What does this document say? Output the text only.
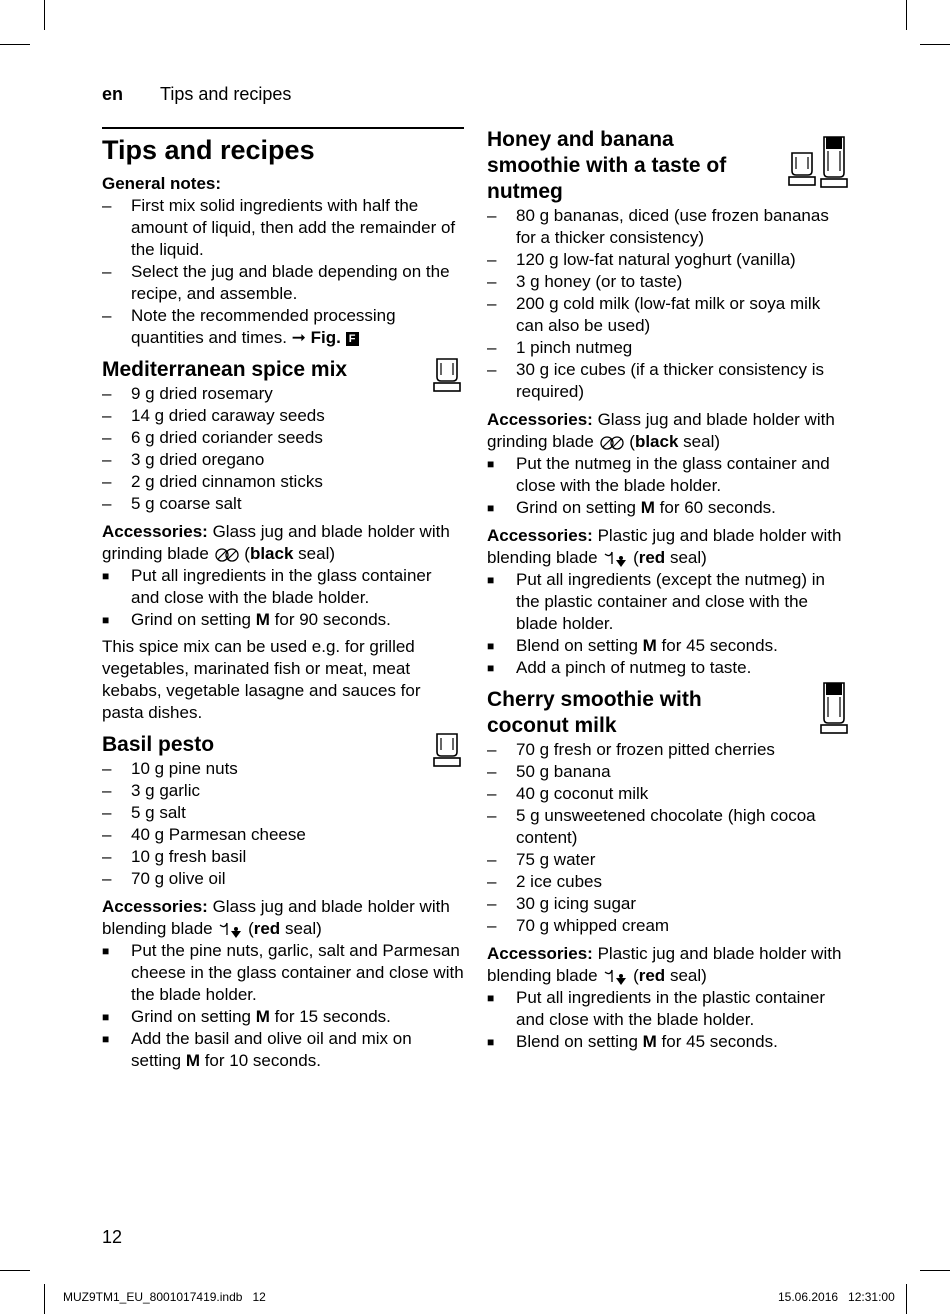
en Tips and recipes
Tips and recipes

General notes:

– First mix solid ingredients with half the amount of liquid, then add the remainder of the liquid.
– Select the jug and blade depending on the recipe, and assemble.
– Note the recommended processing quantities and times. ➞ Fig. F
Mediterranean spice mix
– 9 g dried rosemary
– 14 g dried caraway seeds
– 6 g dried coriander seeds
– 3 g dried oregano
– 2 g dried cinnamon sticks
– 5 g coarse salt
Accessories: Glass jug and blade holder with grinding blade  (black seal)
■ Put all ingredients in the glass container and close with the blade holder.
■ Grind on setting M for 90 seconds.
This spice mix can be used e.g. for grilled vegetables, marinated fish or meat, meat kebabs, vegetable lasagne and sauces for pasta dishes.
Basil pesto
– 10 g pine nuts
– 3 g garlic
– 5 g salt
– 40 g Parmesan cheese
– 10 g fresh basil
– 70 g olive oil
Accessories: Glass jug and blade holder with blending blade  (red seal)
■ Put the pine nuts, garlic, salt and Parmesan cheese in the glass container and close with the blade holder.
■ Grind on setting M for 15 seconds.
■ Add the basil and olive oil and mix on setting M for 10 seconds.
Honey and banana smoothie with a taste of nutmeg
– 80 g bananas, diced (use frozen bananas for a thicker consistency)
– 120 g low-fat natural yoghurt (vanilla)
– 3 g honey (or to taste)
– 200 g cold milk (low-fat milk or soya milk can also be used)
– 1 pinch nutmeg
– 30 g ice cubes (if a thicker consistency is required)
Accessories: Glass jug and blade holder with grinding blade  (black seal)
■ Put the nutmeg in the glass container and close with the blade holder.
■ Grind on setting M for 60 seconds.
Accessories: Plastic jug and blade holder with blending blade  (red seal)
■ Put all ingredients (except the nutmeg) in the plastic container and close with the blade holder.
■ Blend on setting M for 45 seconds.
■ Add a pinch of nutmeg to taste.
Cherry smoothie with coconut milk
– 70 g fresh or frozen pitted cherries
– 50 g banana
– 40 g coconut milk
– 5 g unsweetened chocolate (high cocoa content)
– 75 g water
– 2 ice cubes
– 30 g icing sugar
– 70 g whipped cream
Accessories: Plastic jug and blade holder with blending blade  (red seal)
■ Put all ingredients in the plastic container and close with the blade holder.
■ Blend on setting M for 45 seconds.
12
MUZ9TM1_EU_8001017419.indb   12	15.06.2016   12:31:00
